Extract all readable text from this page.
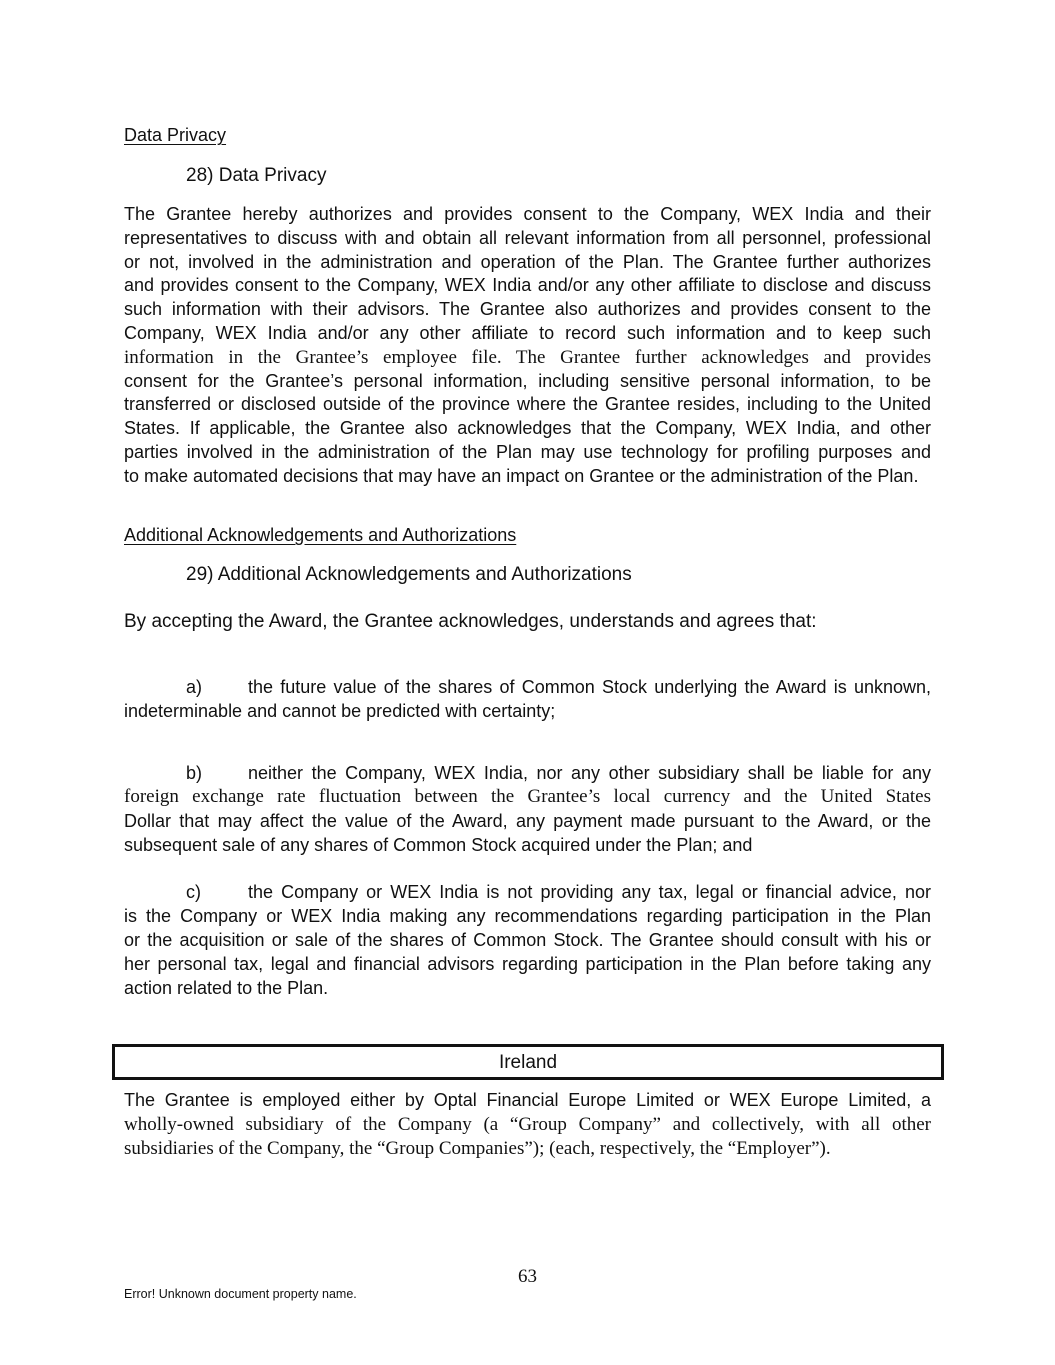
Data Privacy
28) Data Privacy
The Grantee hereby authorizes and provides consent to the Company, WEX India and their
representatives to discuss with and obtain all relevant information from all personnel, professional
or not, involved in the administration and operation of the Plan. The Grantee further authorizes
and provides consent to the Company, WEX India and/or any other affiliate to disclose and discuss
such information with their advisors. The Grantee also authorizes and provides consent to the
Company, WEX India and/or any other affiliate to record such information and to keep such
information in the Grantee’s employee file. The Grantee further acknowledges and provides
consent for the Grantee’s personal information, including sensitive personal information, to be
transferred or disclosed outside of the province where the Grantee resides, including to the United
States. If applicable, the Grantee also acknowledges that the Company, WEX India, and other
parties involved in the administration of the Plan may use technology for profiling purposes and
to make automated decisions that may have an impact on Grantee or the administration of the Plan.
Additional Acknowledgements and Authorizations
29) Additional Acknowledgements and Authorizations
By accepting the Award, the Grantee acknowledges, understands and agrees that:
a)	the future value of the shares of Common Stock underlying the Award is unknown,
indeterminable and cannot be predicted with certainty;
b)	neither the Company, WEX India, nor any other subsidiary shall be liable for any
foreign exchange rate fluctuation between the Grantee’s local currency and the United States
Dollar that may affect the value of the Award, any payment made pursuant to the Award, or the
subsequent sale of any shares of Common Stock acquired under the Plan; and
c)	the Company or WEX India is not providing any tax, legal or financial advice, nor
is the Company or WEX India making any recommendations regarding participation in the Plan
or the acquisition or sale of the shares of Common Stock. The Grantee should consult with his or
her personal tax, legal and financial advisors regarding participation in the Plan before taking any
action related to the Plan.
Ireland
The Grantee is employed either by Optal Financial Europe Limited or WEX Europe Limited, a
wholly-owned subsidiary of the Company (a “Group Company” and collectively, with all other
subsidiaries of the Company, the “Group Companies”); (each, respectively, the “Employer”).
63
Error! Unknown document property name.
